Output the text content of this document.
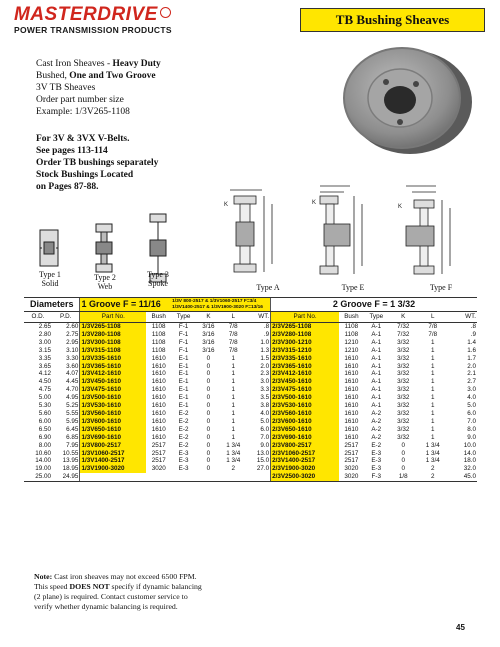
MASTERDRIVE
POWER TRANSMISSION PRODUCTS
TB Bushing Sheaves
Cast Iron Sheaves - Heavy Duty
Bushed, One and Two Groove
3V TB Sheaves
Order part number size
Example: 1/3V265-1108
For 3V & 3VX V-Belts.
See pages 113-114
Order TB bushings separately
Stock Bushings Located
on Pages 87-88.
Type 1
Solid
Type 2
Web
Type 3
Spoke
K	K
K
Type A	Type E	Type F
Diameters		1 Groove F = 11/16		1/3V 800-2517 & 1/3V1060-2517 F=3/4
1/3V1400-2517 & 1/3V1900-3020 F=13/16				2 Groove F = 1 3/32					
O.D.	P.D.	Part No.	Bush	Type	K	L	WT.	Part No.	Bush	Type	K	L	WT.
2.65	2.60	1/3V265-1108	1108	F-1	3/16	7/8	.8	2/3V265-1108	1108	A-1	7/32	7/8	.8
2.80	2.75	1/3V280-1108	1108	F-1	3/16	7/8	.9	2/3V280-1108	1108	A-1	7/32	7/8	.9
3.00	2.95	1/3V300-1108	1108	F-1	3/16	7/8	1.0	2/3V300-1210	1210	A-1	3/32	1	1.4
3.15	3.10	1/3V315-1108	1108	F-1	3/16	7/8	1.3	2/3V315-1210	1210	A-1	3/32	1	1.6
3.35	3.30	1/3V335-1610	1610	E-1	0	1	1.5	2/3V335-1610	1610	A-1	3/32	1	1.7
3.65	3.60	1/3V365-1610	1610	E-1	0	1	2.0	2/3V365-1610	1610	A-1	3/32	1	2.0
4.12	4.07	1/3V412-1610	1610	E-1	0	1	2.3	2/3V412-1610	1610	A-1	3/32	1	2.1
4.50	4.45	1/3V450-1610	1610	E-1	0	1	3.0	2/3V450-1610	1610	A-1	3/32	1	2.7
4.75	4.70	1/3V475-1610	1610	E-1	0	1	3.3	2/3V475-1610	1610	A-1	3/32	1	3.0
5.00	4.95	1/3V500-1610	1610	E-1	0	1	3.5	2/3V500-1610	1610	A-1	3/32	1	4.0
5.30	5.25	1/3V530-1610	1610	E-1	0	1	3.8	2/3V530-1610	1610	A-1	3/32	1	5.0
5.60	5.55	1/3V560-1610	1610	E-2	0	1	4.0	2/3V560-1610	1610	A-2	3/32	1	6.0
6.00	5.95	1/3V600-1610	1610	E-2	0	1	5.0	2/3V600-1610	1610	A-2	3/32	1	7.0
6.50	6.45	1/3V650-1610	1610	E-2	0	1	6.0	2/3V650-1610	1610	A-2	3/32	1	8.0
6.90	6.85	1/3V690-1610	1610	E-2	0	1	7.0	2/3V690-1610	1610	A-2	3/32	1	9.0
8.00	7.95	1/3V800-2517	2517	E-2	0	1 3/4	9.0	2/3V800-2517	2517	E-2	0	1 3/4	10.0
10.60	10.55	1/3V1060-2517	2517	E-3	0	1 3/4	13.0	2/3V1060-2517	2517	E-3	0	1 3/4	14.0
14.00	13.95	1/3V1400-2517	2517	E-3	0	1 3/4	15.0	2/3V1400-2517	2517	E-3	0	1 3/4	18.0
19.00	18.95	1/3V1900-3020	3020	E-3	0	2	27.0	2/3V1900-3020	3020	E-3	0	2	32.0
25.00	24.95							2/3V2500-3020	3020	F-3	1/8	2	45.0
Note: Cast iron sheaves may not exceed 6500 FPM.
This speed DOES NOT specify if dynamic balancing
(2 plane) is required. Contact customer service to
verify whether dynamic balancing is required.
45
